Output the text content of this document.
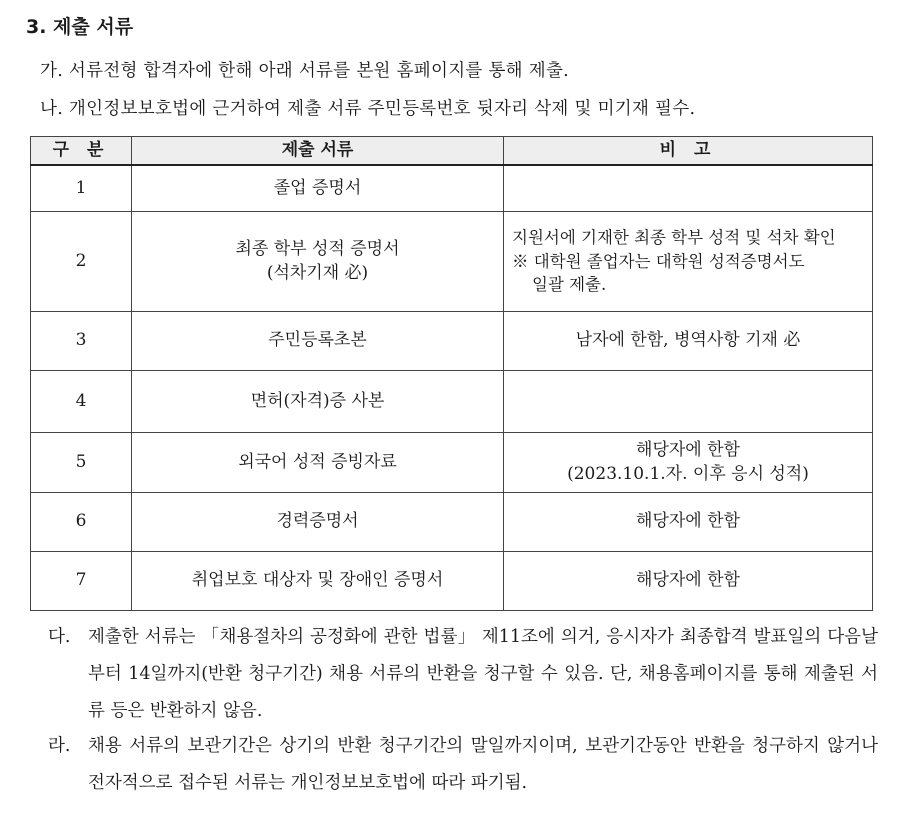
3. 제출 서류

가. 서류전형 합격자에 한해 아래 서류를 본원 홈페이지를 통해 제출.

나. 개인정보보호법에 근거하여 제출 서류 주민등록번호 뒷자리 삭제 및 미기재 필수.

구 분	제출 서류	비 고
1	졸업 증명서	

2	최종 학부 성적 증명서
(석차기재 必)	지원서에 기재한 최종 학부 성적 및 석차 확인
※ 대학원 졸업자는 대학원 성적증명서도
일괄 제출.

3	주민등록초본	남자에 한함, 병역사항 기재 必

4	면허(자격)증 사본	

5	외국어 성적 증빙자료	해당자에 한함
(2023.10.1.자. 이후 응시 성적)

6	경력증명서	해당자에 한함

7	취업보호 대상자 및 장애인 증명서	해당자에 한함
다.	제출한 서류는 「채용절차의 공정화에 관한 법률」 제11조에 의거, 응시자가 최종합격 발표일의 다음날부터 14일까지(반환 청구기간) 채용 서류의 반환을 청구할 수 있음. 단, 채용홈페이지를 통해 제출된 서류 등은 반환하지 않음.
라.	채용 서류의 보관기간은 상기의 반환 청구기간의 말일까지이며, 보관기간동안 반환을 청구하지 않거나 전자적으로 접수된 서류는 개인정보보호법에 따라 파기됨.
